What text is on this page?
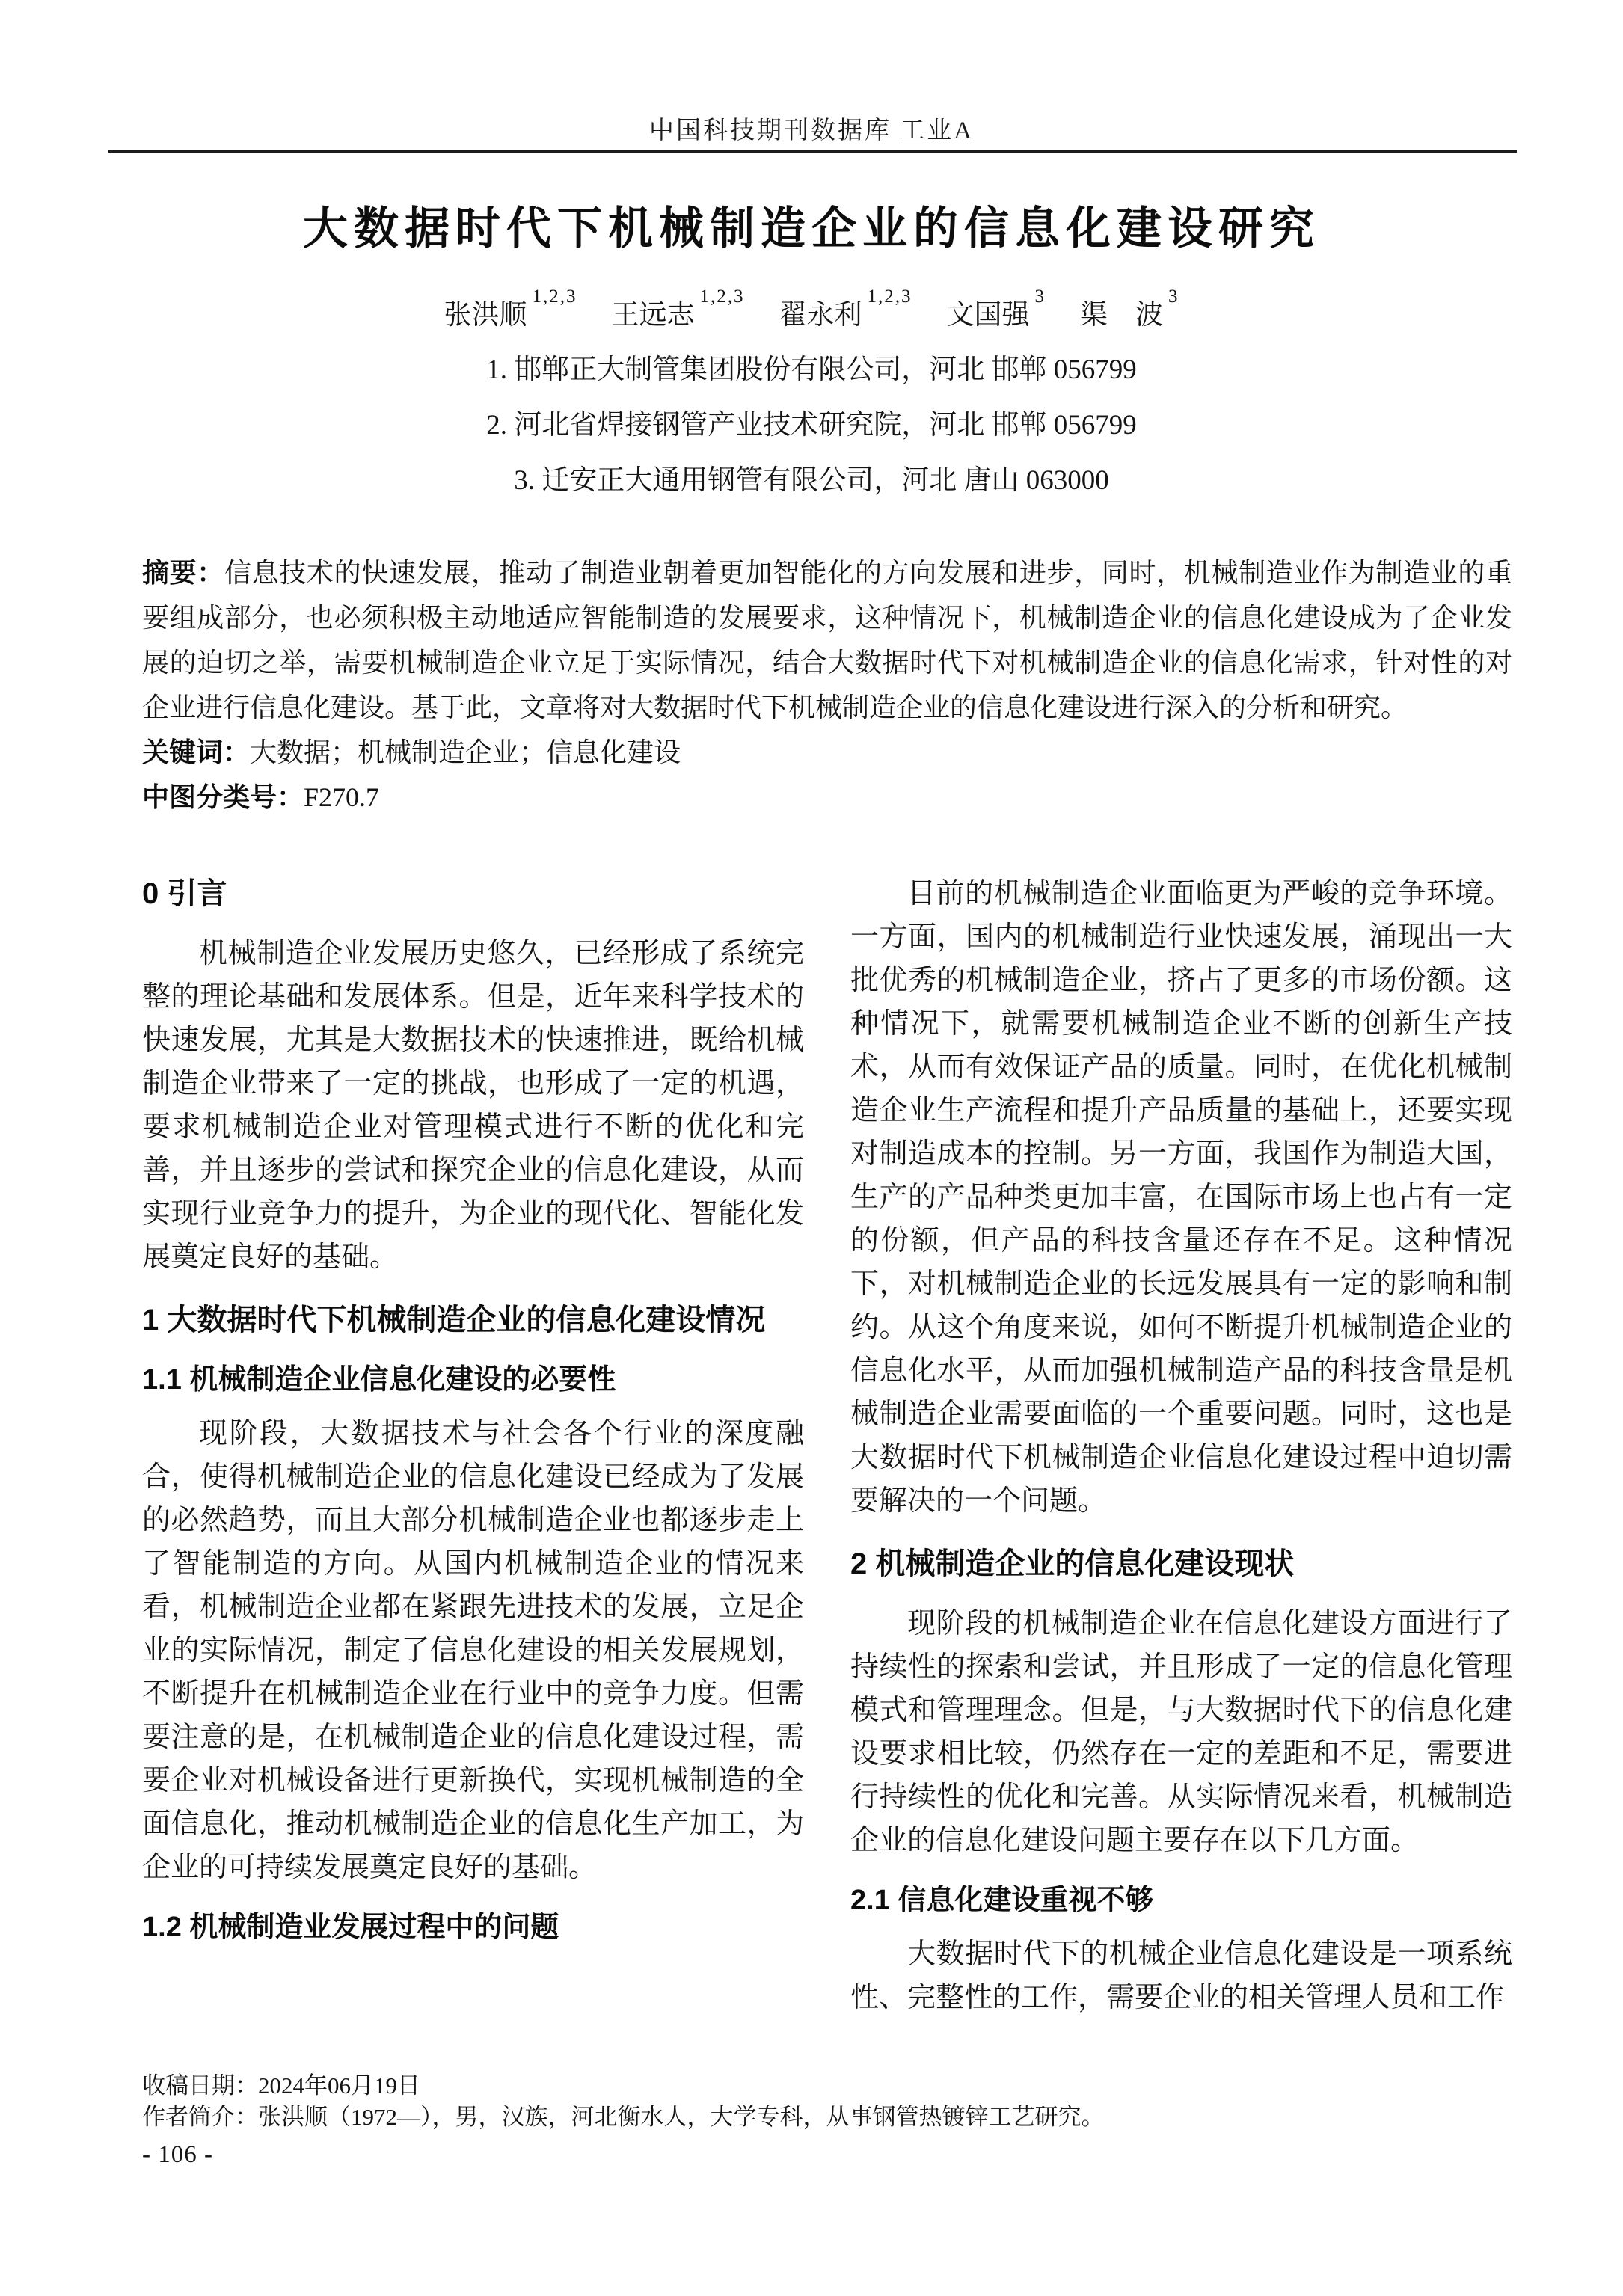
中国科技期刊数据库 工业A
大数据时代下机械制造企业的信息化建设研究
张洪顺$^{1,2,3}$王远志$^{1,2,3}$翟永利$^{1,2,3}$文国强$^3$渠　波$^3$
1. 邯郸正大制管集团股份有限公司，河北 邯郸 056799
2. 河北省焊接钢管产业技术研究院，河北 邯郸 056799
3. 迁安正大通用钢管有限公司，河北 唐山 063000

摘要：信息技术的快速发展，推动了制造业朝着更加智能化的方向发展和进步，同时，机械制造业作为制造业的重要组成部分，也必须积极主动地适应智能制造的发展要求，这种情况下，机械制造企业的信息化建设成为了企业发展的迫切之举，需要机械制造企业立足于实际情况，结合大数据时代下对机械制造企业的信息化需求，针对性的对企业进行信息化建设。基于此，文章将对大数据时代下机械制造企业的信息化建设进行深入的分析和研究。

关键词：大数据；机械制造企业；信息化建设

中图分类号：F270.7

0 引言
机械制造企业发展历史悠久，已经形成了系统完整的理论基础和发展体系。但是，近年来科学技术的快速发展，尤其是大数据技术的快速推进，既给机械制造企业带来了一定的挑战，也形成了一定的机遇，要求机械制造企业对管理模式进行不断的优化和完善，并且逐步的尝试和探究企业的信息化建设，从而实现行业竞争力的提升，为企业的现代化、智能化发展奠定良好的基础。
1 大数据时代下机械制造企业的信息化建设情况
1.1 机械制造企业信息化建设的必要性
现阶段，大数据技术与社会各个行业的深度融合，使得机械制造企业的信息化建设已经成为了发展的必然趋势，而且大部分机械制造企业也都逐步走上了智能制造的方向。从国内机械制造企业的情况来看，机械制造企业都在紧跟先进技术的发展，立足企业的实际情况，制定了信息化建设的相关发展规划，不断提升在机械制造企业在行业中的竞争力度。但需要注意的是，在机械制造企业的信息化建设过程，需要企业对机械设备进行更新换代，实现机械制造的全面信息化，推动机械制造企业的信息化生产加工，为企业的可持续发展奠定良好的基础。
1.2 机械制造业发展过程中的问题
目前的机械制造企业面临更为严峻的竞争环境。一方面，国内的机械制造行业快速发展，涌现出一大批优秀的机械制造企业，挤占了更多的市场份额。这种情况下，就需要机械制造企业不断的创新生产技术，从而有效保证产品的质量。同时，在优化机械制造企业生产流程和提升产品质量的基础上，还要实现对制造成本的控制。另一方面，我国作为制造大国，生产的产品种类更加丰富，在国际市场上也占有一定的份额，但产品的科技含量还存在不足。这种情况下，对机械制造企业的长远发展具有一定的影响和制约。从这个角度来说，如何不断提升机械制造企业的信息化水平，从而加强机械制造产品的科技含量是机械制造企业需要面临的一个重要问题。同时，这也是大数据时代下机械制造企业信息化建设过程中迫切需要解决的一个问题。
2 机械制造企业的信息化建设现状
现阶段的机械制造企业在信息化建设方面进行了持续性的探索和尝试，并且形成了一定的信息化管理模式和管理理念。但是，与大数据时代下的信息化建设要求相比较，仍然存在一定的差距和不足，需要进行持续性的优化和完善。从实际情况来看，机械制造企业的信息化建设问题主要存在以下几方面。
2.1 信息化建设重视不够
大数据时代下的机械企业信息化建设是一项系统性、完整性的工作，需要企业的相关管理人员和工作

收稿日期：2024年06月19日

作者简介：张洪顺（1972—），男，汉族，河北衡水人，大学专科，从事钢管热镀锌工艺研究。

- 106 -
